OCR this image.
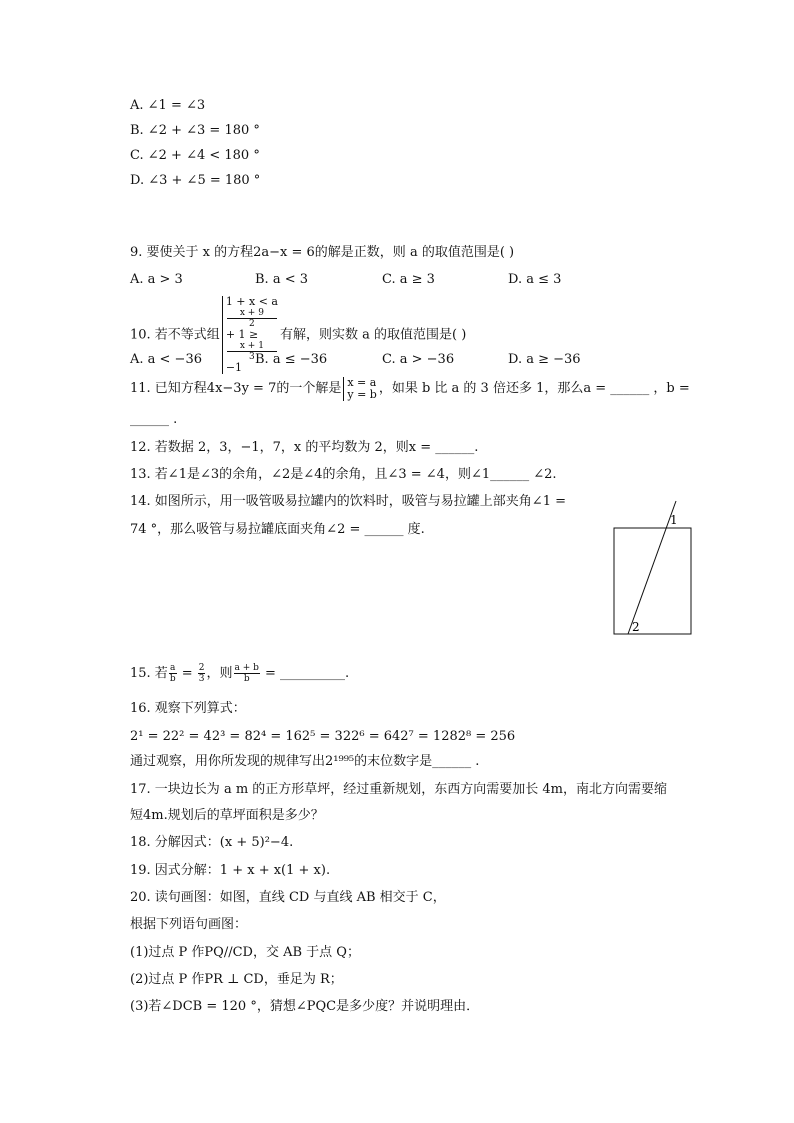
A. ∠1 = ∠3
B. ∠2 + ∠3 = 180 °
C. ∠2 + ∠4 < 180 °
D. ∠3 + ∠5 = 180 °
9. 要使关于 x 的方程2a−x = 6的解是正数，则 a 的取值范围是( )
A. a > 3	B. a < 3	C. a ≥ 3	D. a ≤ 3
10. 若不等式组
1 + x < a
x + 9
2
+ 1 ≥
x + 1
3
−1
有解，则实数 a 的取值范围是( )
A. a < −36	B. a ≤ −36	C. a > −36	D. a ≥ −36
11. 已知方程4x−3y = 7的一个解是 x = a
y = b ，如果 b 比 a 的 3 倍还多 1，那么a = ______ ，b =
______ .
12. 若数据 2，3，−1，7，x 的平均数为 2，则x = ______.
13. 若∠1是∠3的余角，∠2是∠4的余角，且∠3 = ∠4，则∠1______ ∠2.
14. 如图所示，用一吸管吸易拉罐内的饮料时，吸管与易拉罐上部夹角∠1 =
74 °，那么吸管与易拉罐底面夹角∠2 = ______ 度.
1
2
15. 若 $\frac{a}{b} = \frac{2}{3}$ ，则 $\frac{a + b}{b}$ = __________.
16. 观察下列算式：
2¹ = 22² = 42³ = 82⁴ = 162⁵ = 322⁶ = 642⁷ = 1282⁸ = 256
通过观察，用你所发现的规律写出2¹⁹⁹⁵的末位数字是______ .
17. 一块边长为 a m 的正方形草坪，经过重新规划，东西方向需要加长 4m，南北方向需要缩
短4m.规划后的草坪面积是多少？
18. 分解因式：(x + 5)²−4.
19. 因式分解：1 + x + x(1 + x).
20. 读句画图：如图，直线 CD 与直线 AB 相交于 C，
根据下列语句画图：
(1)过点 P 作PQ//CD，交 AB 于点 Q；
(2)过点 P 作PR ⊥ CD，垂足为 R；
(3)若∠DCB = 120 °，猜想∠PQC是多少度？并说明理由．
